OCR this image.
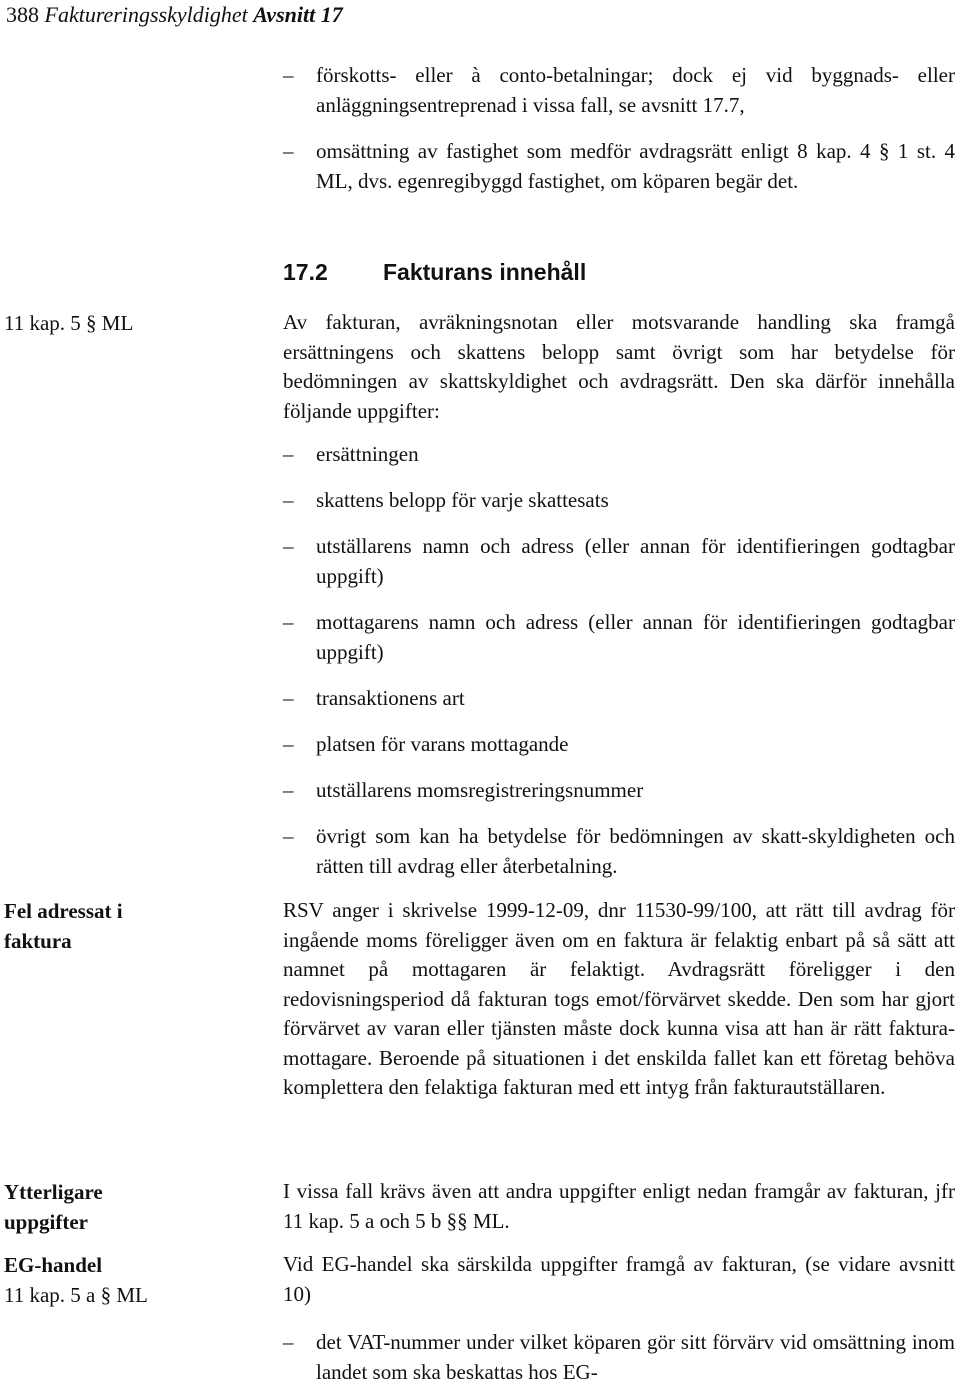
388 Faktureringsskyldighet Avsnitt 17
–	förskotts- eller à conto-betalningar; dock ej vid byggnads- eller anläggningsentreprenad i vissa fall, se avsnitt 17.7,
–	omsättning av fastighet som medför avdragsrätt enligt 8 kap. 4 § 1 st. 4 ML, dvs. egenregibyggd fastighet, om köparen begär det.
17.2 Fakturans innehåll
11 kap. 5 § ML	Av fakturan, avräkningsnotan eller motsvarande handling ska framgå ersättningens och skattens belopp samt övrigt som har betydelse för bedömningen av skattskyldighet och avdragsrätt. Den ska därför innehålla följande uppgifter:
–	ersättningen
–	skattens belopp för varje skattesats
–	utställarens namn och adress (eller annan för identifieringen godtagbar uppgift)
–	mottagarens namn och adress (eller annan för identifieringen godtagbar uppgift)
–	transaktionens art
–	platsen för varans mottagande
–	utställarens momsregistreringsnummer
–	övrigt som kan ha betydelse för bedömningen av skatt-skyldigheten och rätten till avdrag eller återbetalning.
Fel adressat i
faktura
RSV anger i skrivelse 1999-12-09, dnr 11530-99/100, att rätt till avdrag för ingående moms föreligger även om en faktura är felaktig enbart på så sätt att namnet på mottagaren är felaktigt. Avdragsrätt föreligger i den redovisningsperiod då fakturan togs emot/förvärvet skedde. Den som har gjort förvärvet av varan eller tjänsten måste dock kunna visa att han är rätt faktura-mottagare. Beroende på situationen i det enskilda fallet kan ett företag behöva komplettera den felaktiga fakturan med ett intyg från fakturautställaren.
Ytterligare
uppgifter
I vissa fall krävs även att andra uppgifter enligt nedan framgår av fakturan, jfr 11 kap. 5 a och 5 b §§ ML.
EG-handel
11 kap. 5 a § ML
Vid EG-handel ska särskilda uppgifter framgå av fakturan, (se vidare avsnitt 10)
–	det VAT-nummer under vilket köparen gör sitt förvärv vid omsättning inom landet som ska beskattas hos EG-
